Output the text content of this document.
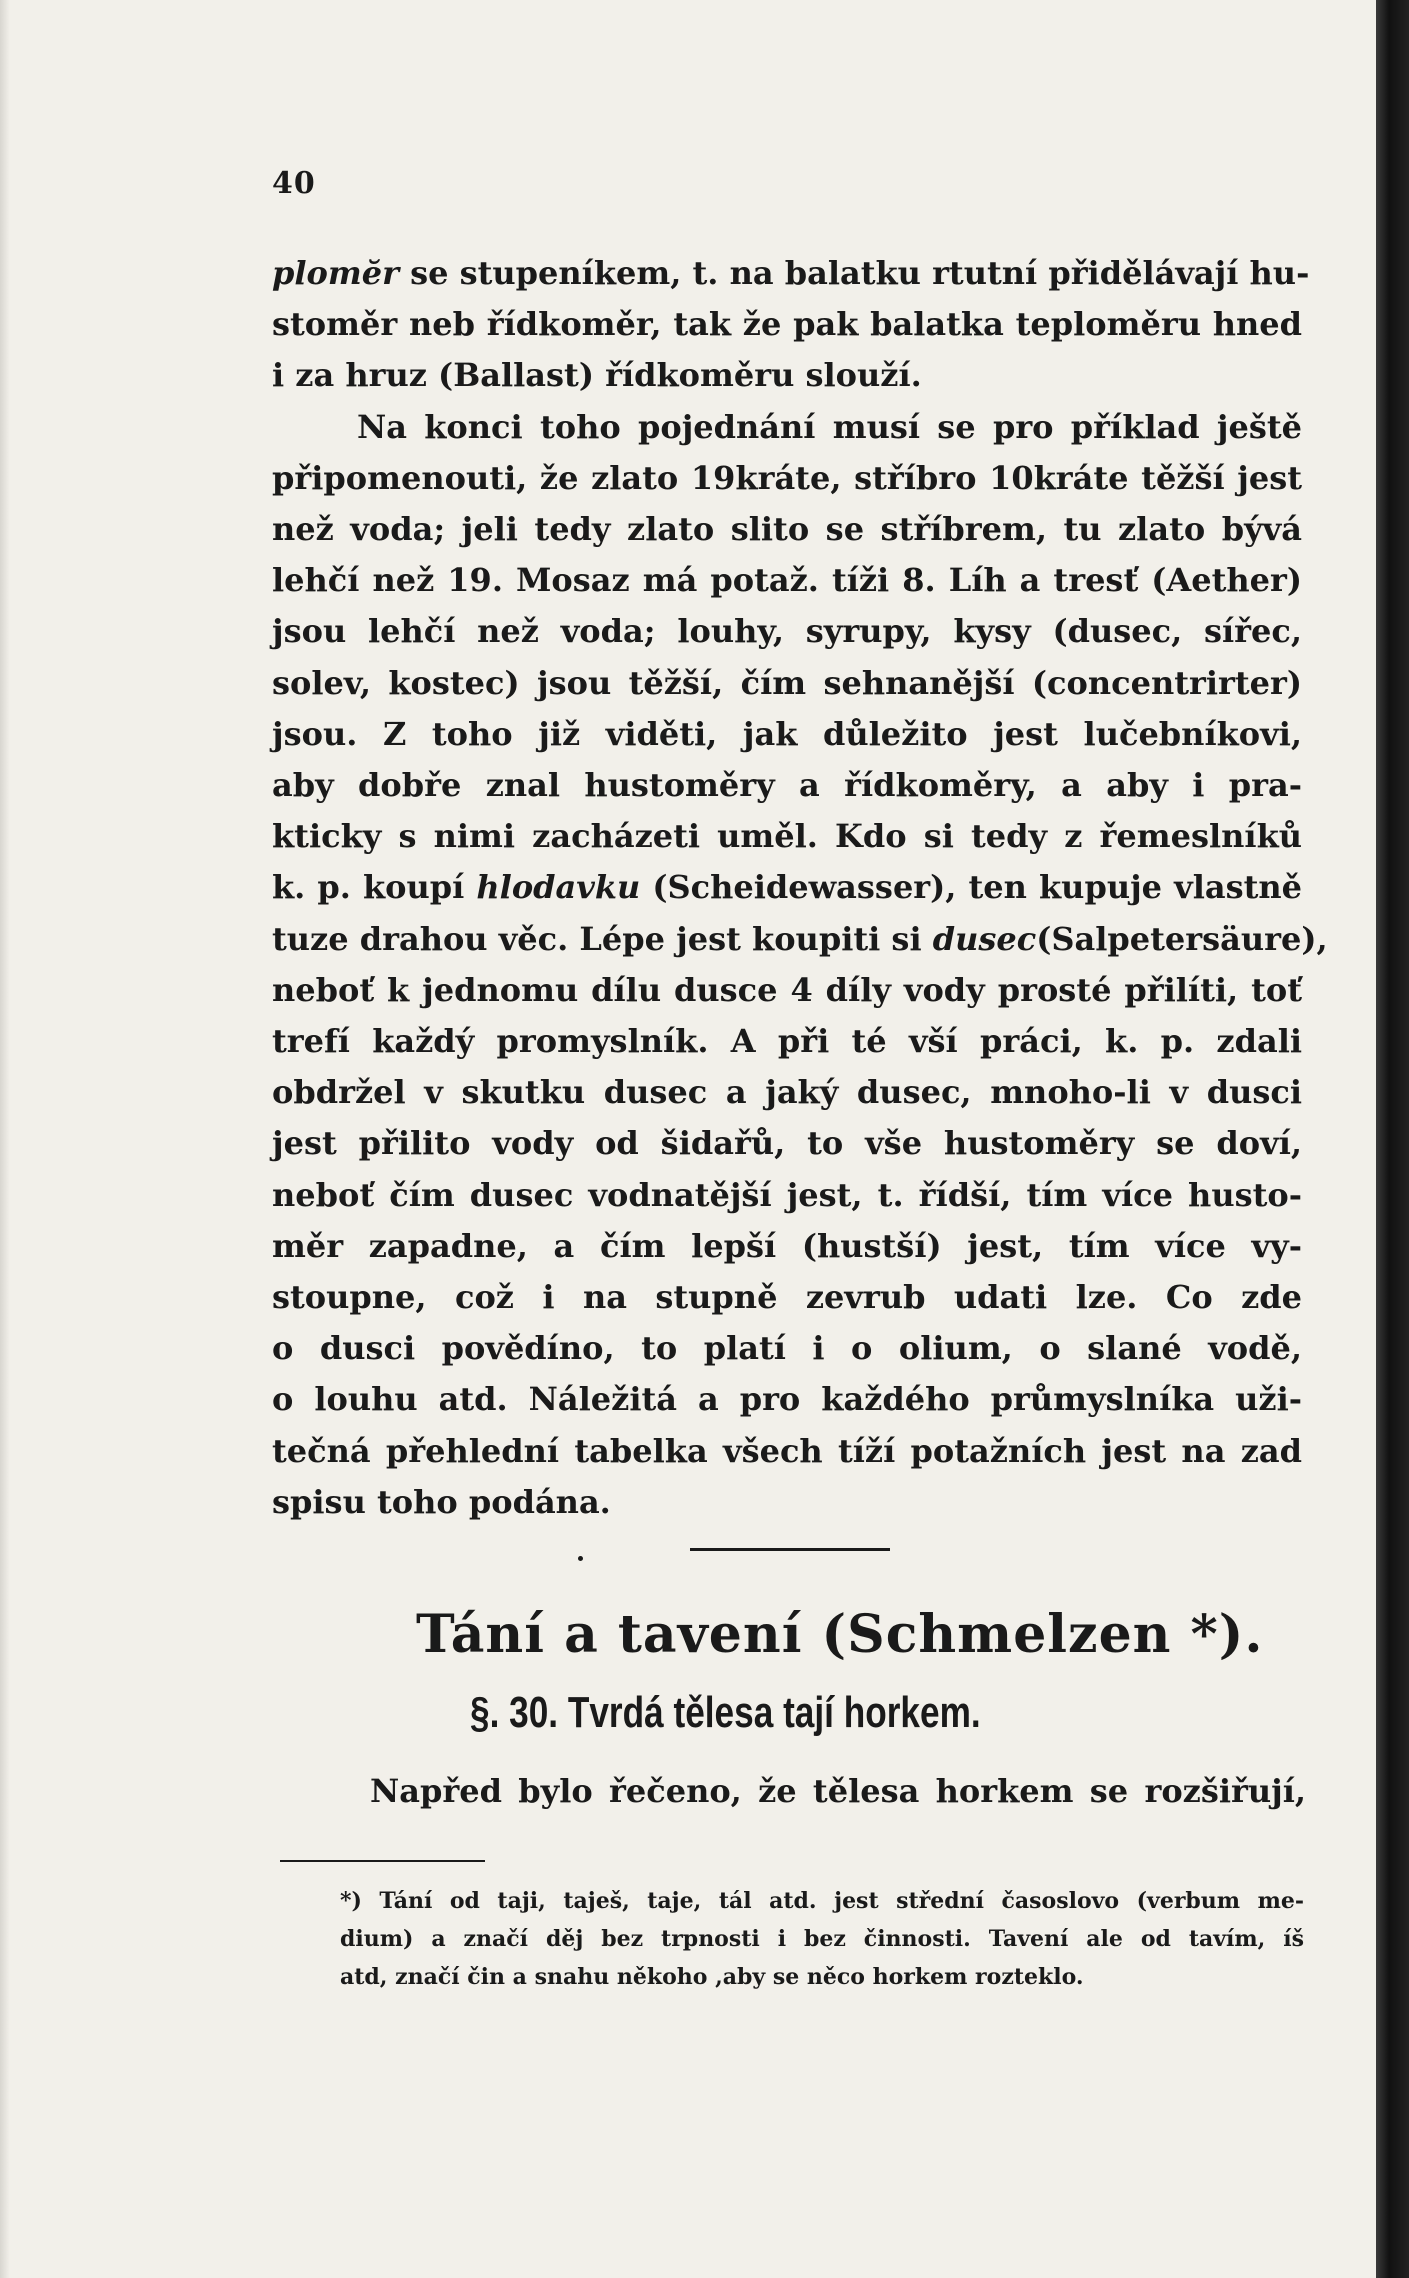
40

plomĕr se stupeníkem, t. na balatku rtutní přidělávají hu-
stoměr neb řídkoměr, tak že pak balatka teploměru hned
i za hruz (Ballast) řídkoměru slouží.

Na konci toho pojednání musí se pro příklad ještě
připomenouti, že zlato 19kráte, stříbro 10kráte těžší jest
než voda; jeli tedy zlato slito se stříbrem, tu zlato bývá
lehčí než 19. Mosaz má potaž. tíži 8. Líh a tresť (Aether)
jsou lehčí než voda; louhy, syrupy, kysy (dusec, sířec,
solev, kostec) jsou těžší, čím sehnanější (concentrirter)
jsou. Z toho již viděti, jak důležito jest lučebníkovi,
aby dobře znal hustoměry a řídkoměry, a aby i pra-
kticky s nimi zacházeti uměl. Kdo si tedy z řemeslníků
k. p. koupí hlodavku (Scheidewasser), ten kupuje vlastně
tuze drahou věc. Lépe jest koupiti si dusec(Salpetersäure),
neboť k jednomu dílu dusce 4 díly vody prosté přilíti, toť
trefí každý promyslník. A při té vší práci, k. p. zdali
obdržel v skutku dusec a jaký dusec, mnoho-li v dusci
jest přilito vody od šidařů, to vše hustoměry se doví,
neboť čím dusec vodnatější jest, t. řídší, tím více husto-
měr zapadne, a čím lepší (hustší) jest, tím více vy-
stoupne, což i na stupně zevrub udati lze. Co zde
o dusci povědíno, to platí i o olium, o slané vodě,
o louhu atd. Náležitá a pro každého průmyslníka uži-
tečná přehlední tabelka všech tíží potažních jest na zad
spisu toho podána.

Tání a tavení (Schmelzen *).
§. 30. Tvrdá tělesa tají horkem.
Napřed bylo řečeno, že tělesa horkem se rozšiřují,
*) Tání od taji, taješ, taje, tál atd. jest střední časoslovo (verbum me-
dium) a značí děj bez trpnosti i bez činnosti. Tavení ale od tavím, íš
atd, značí čin a snahu někoho ,aby se něco horkem rozteklo.
